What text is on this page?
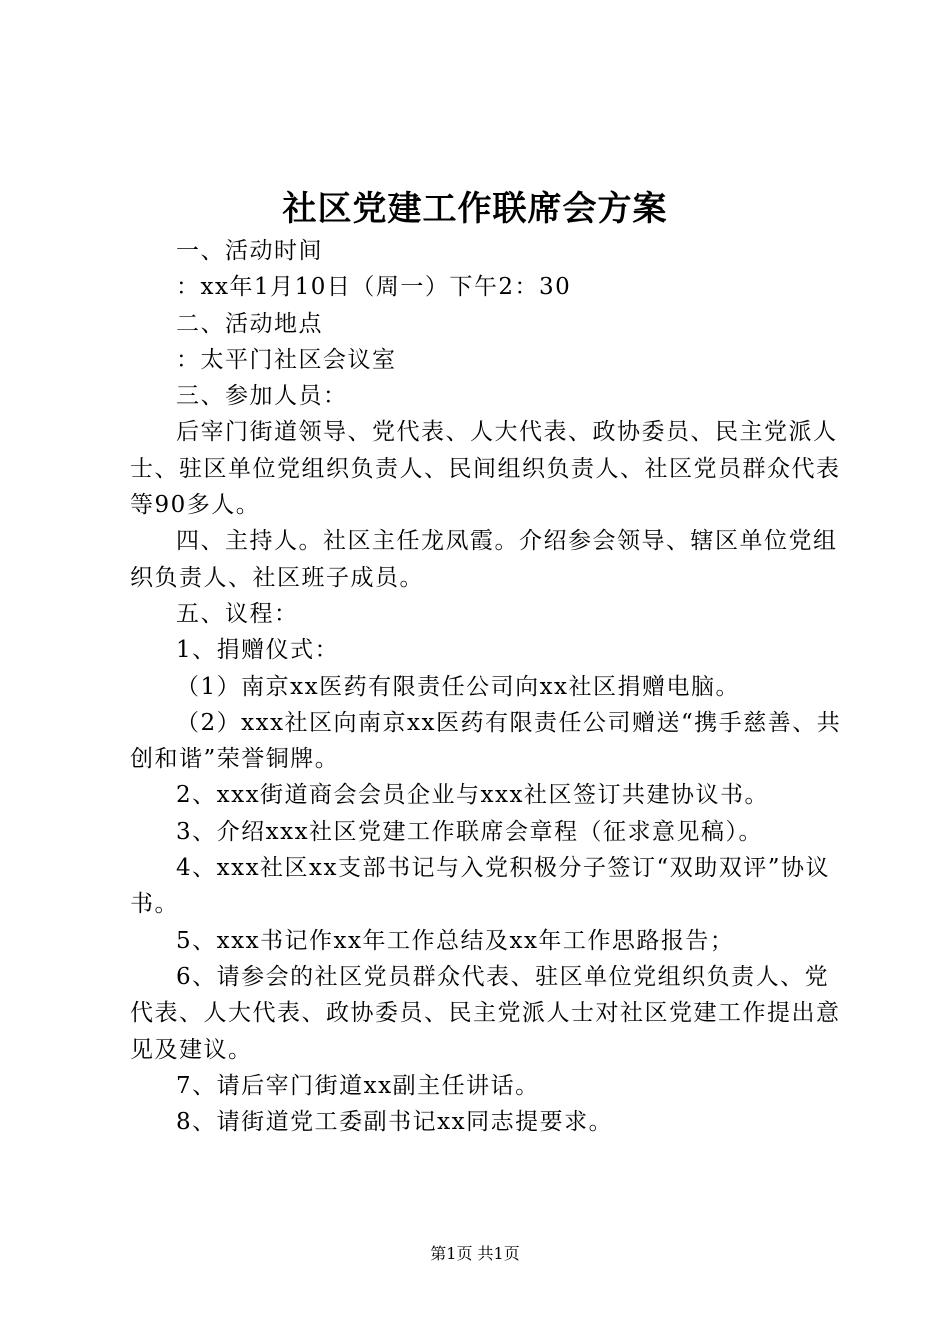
社区党建工作联席会方案

一、活动时间

：xx年1月10日（周一）下午2：30

二、活动地点

：太平门社区会议室

三、参加人员：

后宰门街道领导、党代表、人大代表、政协委员、民主党派人士、驻区单位党组织负责人、民间组织负责人、社区党员群众代表等90多人。

四、主持人。社区主任龙凤霞。介绍参会领导、辖区单位党组织负责人、社区班子成员。

五、议程：

1、捐赠仪式：

（1）南京xx医药有限责任公司向xx社区捐赠电脑。

（2）xxx社区向南京xx医药有限责任公司赠送“携手慈善、共创和谐”荣誉铜牌。

2、xxx街道商会会员企业与xxx社区签订共建协议书。

3、介绍xxx社区党建工作联席会章程（征求意见稿）。

4、xxx社区xx支部书记与入党积极分子签订“双助双评”协议书。

5、xxx书记作xx年工作总结及xx年工作思路报告；

6、请参会的社区党员群众代表、驻区单位党组织负责人、党代表、人大代表、政协委员、民主党派人士对社区党建工作提出意见及建议。

7、请后宰门街道xx副主任讲话。

8、请街道党工委副书记xx同志提要求。

第1页 共1页
